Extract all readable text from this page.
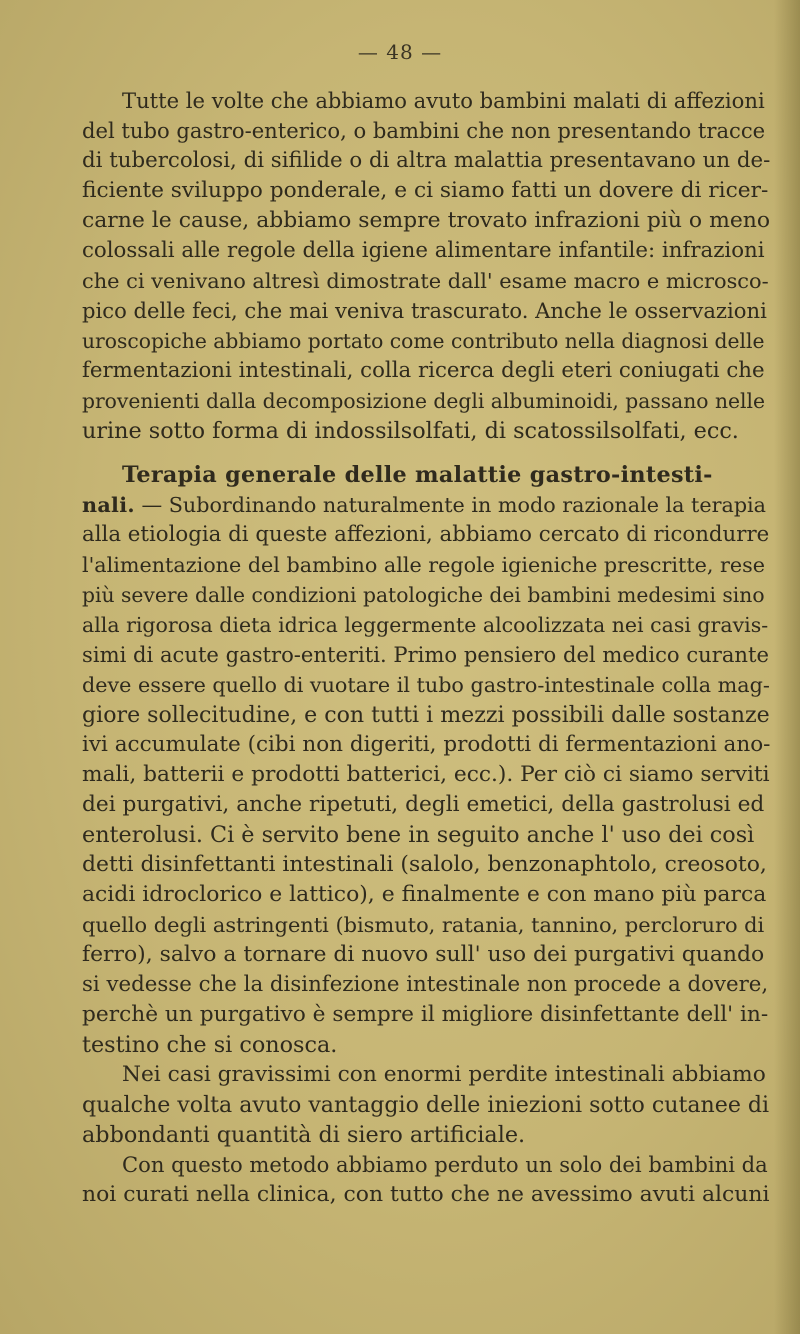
— 48 —
Tutte le volte che abbiamo avuto bambini malati di affezioni
del tubo gastro-enterico, o bambini che non presentando tracce
di tubercolosi, di sifilide o di altra malattia presentavano un de-
ficiente sviluppo ponderale, e ci siamo fatti un dovere di ricer-
carne le cause, abbiamo sempre trovato infrazioni più o meno
colossali alle regole della igiene alimentare infantile: infrazioni
che ci venivano altresì dimostrate dall' esame macro e microsco-
pico delle feci, che mai veniva trascurato. Anche le osservazioni
uroscopiche abbiamo portato come contributo nella diagnosi delle
fermentazioni intestinali, colla ricerca degli eteri coniugati che
provenienti dalla decomposizione degli albuminoidi, passano nelle
urine sotto forma di indossilsolfati, di scatossilsolfati, ecc.
Terapia generale delle malattie gastro-intesti-
nali. — Subordinando naturalmente in modo razionale la terapia
alla etiologia di queste affezioni, abbiamo cercato di ricondurre
l'alimentazione del bambino alle regole igieniche prescritte, rese
più severe dalle condizioni patologiche dei bambini medesimi sino
alla rigorosa dieta idrica leggermente alcoolizzata nei casi gravis-
simi di acute gastro-enteriti. Primo pensiero del medico curante
deve essere quello di vuotare il tubo gastro-intestinale colla mag-
giore sollecitudine, e con tutti i mezzi possibili dalle sostanze
ivi accumulate (cibi non digeriti, prodotti di fermentazioni ano-
mali, batterii e prodotti batterici, ecc.). Per ciò ci siamo serviti
dei purgativi, anche ripetuti, degli emetici, della gastrolusi ed
enterolusi. Ci è servito bene in seguito anche l' uso dei così
detti disinfettanti intestinali (salolo, benzonaphtolo, creosoto,
acidi idroclorico e lattico), e finalmente e con mano più parca
quello degli astringenti (bismuto, ratania, tannino, percloruro di
ferro), salvo a tornare di nuovo sull' uso dei purgativi quando
si vedesse che la disinfezione intestinale non procede a dovere,
perchè un purgativo è sempre il migliore disinfettante dell' in-
testino che si conosca.
Nei casi gravissimi con enormi perdite intestinali abbiamo
qualche volta avuto vantaggio delle iniezioni sotto cutanee di
abbondanti quantità di siero artificiale.
Con questo metodo abbiamo perduto un solo dei bambini da
noi curati nella clinica, con tutto che ne avessimo avuti alcuni
